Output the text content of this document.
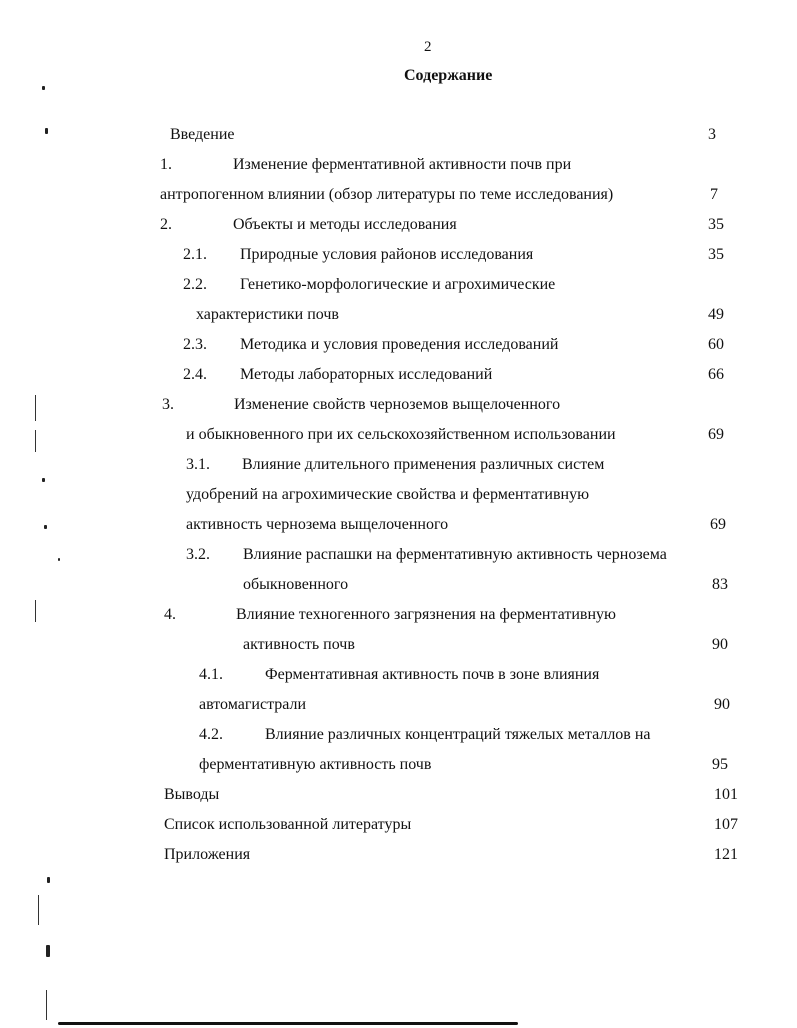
2
Содержание
Введение	3
1.	Изменение ферментативной активности почв при
антропогенном влиянии (обзор литературы по теме исследования)	7
2.	Объекты и методы исследования	35
2.1. Природные условия районов исследования	35
2.2. Генетико-морфологические и агрохимические
характеристики почв	49
2.3. Методика и условия проведения исследований	60
2.4. Методы лабораторных исследований	66
3.	Изменение свойств черноземов выщелоченного
и обыкновенного при их сельскохозяйственном использовании	69
3.1. Влияние длительного применения различных систем
удобрений на агрохимические свойства и ферментативную
активность чернозема выщелоченного	69
3.2. Влияние распашки на ферментативную активность чернозема
обыкновенного	83
4.	Влияние техногенного загрязнения на ферментативную
активность почв	90
4.1.	Ферментативная активность почв в зоне влияния
автомагистрали	90
4.2.	Влияние различных концентраций тяжелых металлов на
ферментативную активность почв	95
Выводы	101
Список использованной литературы	107
Приложения	121
